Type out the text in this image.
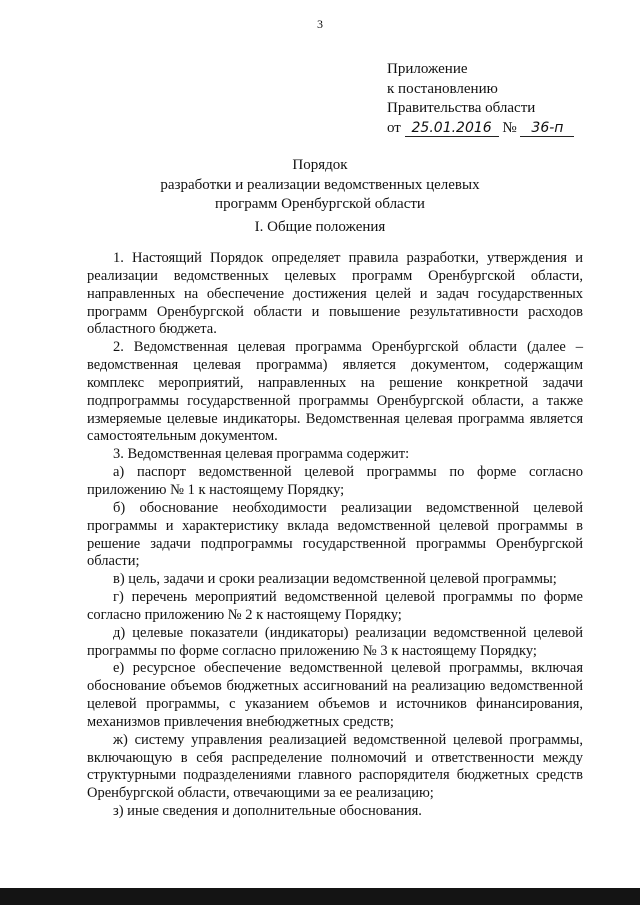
3
Приложение
к постановлению
Правительства области
от 25.01.2016 № 36-п
Порядок
разработки и реализации ведомственных целевых
программ Оренбургской области
I. Общие положения

1. Настоящий Порядок определяет правила разработки, утверждения и реализации ведомственных целевых программ Оренбургской области, направленных на обеспечение достижения целей и задач государственных программ Оренбургской области и повышение результативности расходов областного бюджета.

2. Ведомственная целевая программа Оренбургской области (далее – ведомственная целевая программа) является документом, содержащим комплекс мероприятий, направленных на решение конкретной задачи подпрограммы государственной программы Оренбургской области, а также измеряемые целевые индикаторы. Ведомственная целевая программа является самостоятельным документом.

3. Ведомственная целевая программа содержит:

а) паспорт ведомственной целевой программы по форме согласно приложению № 1 к настоящему Порядку;

б) обоснование необходимости реализации ведомственной целевой программы и характеристику вклада ведомственной целевой программы в решение задачи подпрограммы государственной программы Оренбургской области;

в) цель, задачи и сроки реализации ведомственной целевой программы;

г) перечень мероприятий ведомственной целевой программы по форме согласно приложению № 2 к настоящему Порядку;

д) целевые показатели (индикаторы) реализации ведомственной целевой программы по форме согласно приложению № 3 к настоящему Порядку;

е) ресурсное обеспечение ведомственной целевой программы, включая обоснование объемов бюджетных ассигнований на реализацию ведомственной целевой программы, с указанием объемов и источников финансирования, механизмов привлечения внебюджетных средств;

ж) систему управления реализацией ведомственной целевой программы, включающую в себя распределение полномочий и ответственности между структурными подразделениями главного распорядителя бюджетных средств Оренбургской области, отвечающими за ее реализацию;

з) иные сведения и дополнительные обоснования.
